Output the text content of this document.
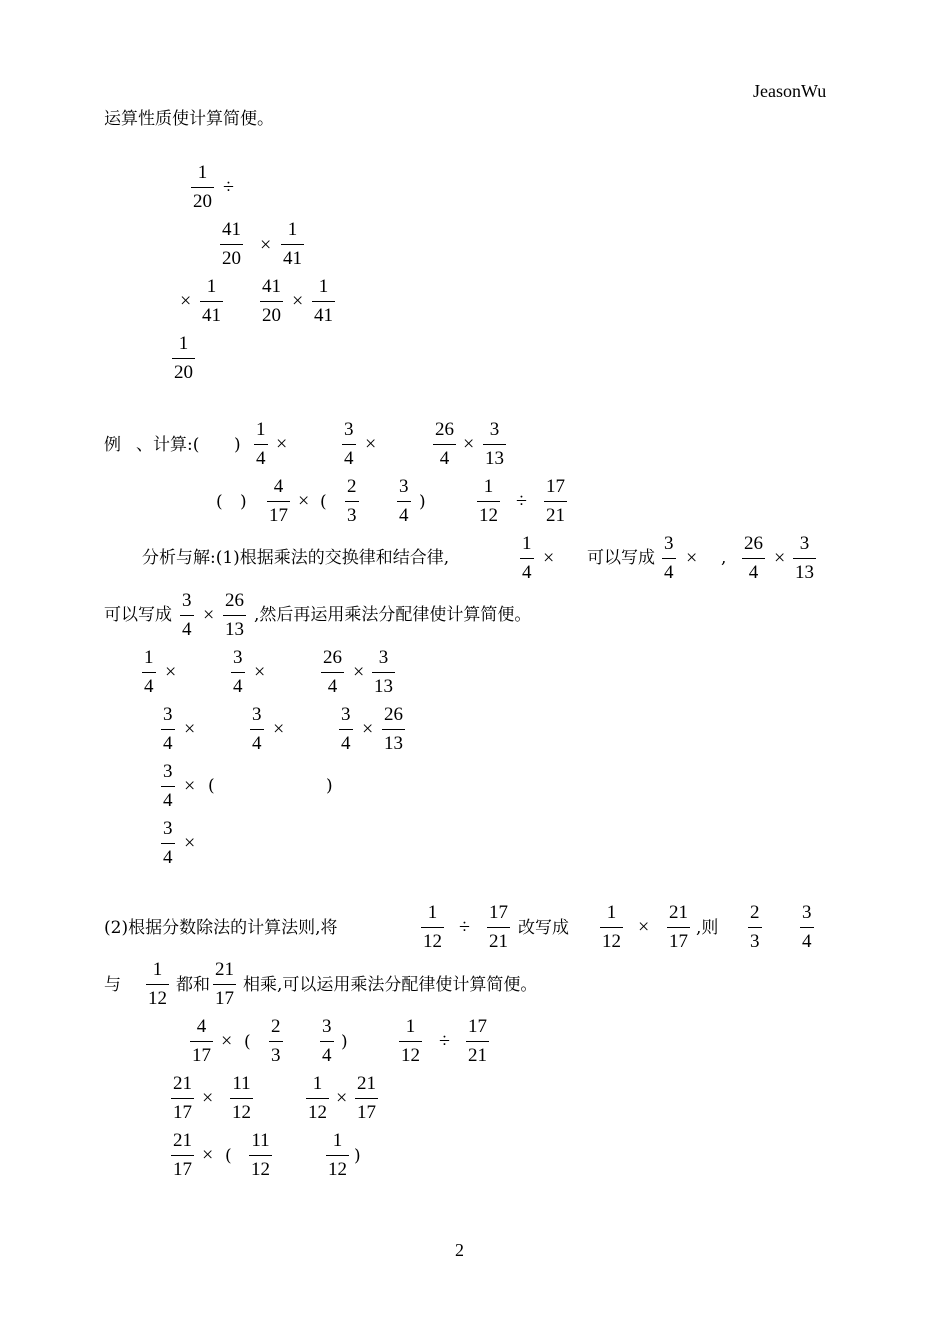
JeasonWu
运算性质使计算简便。
1
20
÷
41
20
×
1
41
×
1
41
41
20
×
1
41
1
20
例 、计算:( )
1
4
×
3
4
×
26
4
×
3
13
( )
4
17
× (
2
3
3
4
)
1
12
÷
17
21
分析与解:(1)根据乘法的交换律和结合律,
1
4
× 可以写成
3
4
× ,
26
4
×
3
13
可以写成
3
4
×
26
13
,然后再运用乘法分配律使计算简便。
1
4
×
3
4
×
26
4
×
3
13
3
4
×
3
4
×
3
4
×
26
13
3
4
× (	)
3
4
×
(2)根据分数除法的计算法则,将
1
12
÷
17
21
改写成
1
12
×
21
17
,则
2
3
3
4
与
1
12
都和
21
17
相乘,可以运用乘法分配律使计算简便。
4
17
× (
2
3
3
4
)
1
12
÷
17
21
21
17
×
11
12
1
12
×
21
17
21
17
× (
11
12
1
12
)
2
